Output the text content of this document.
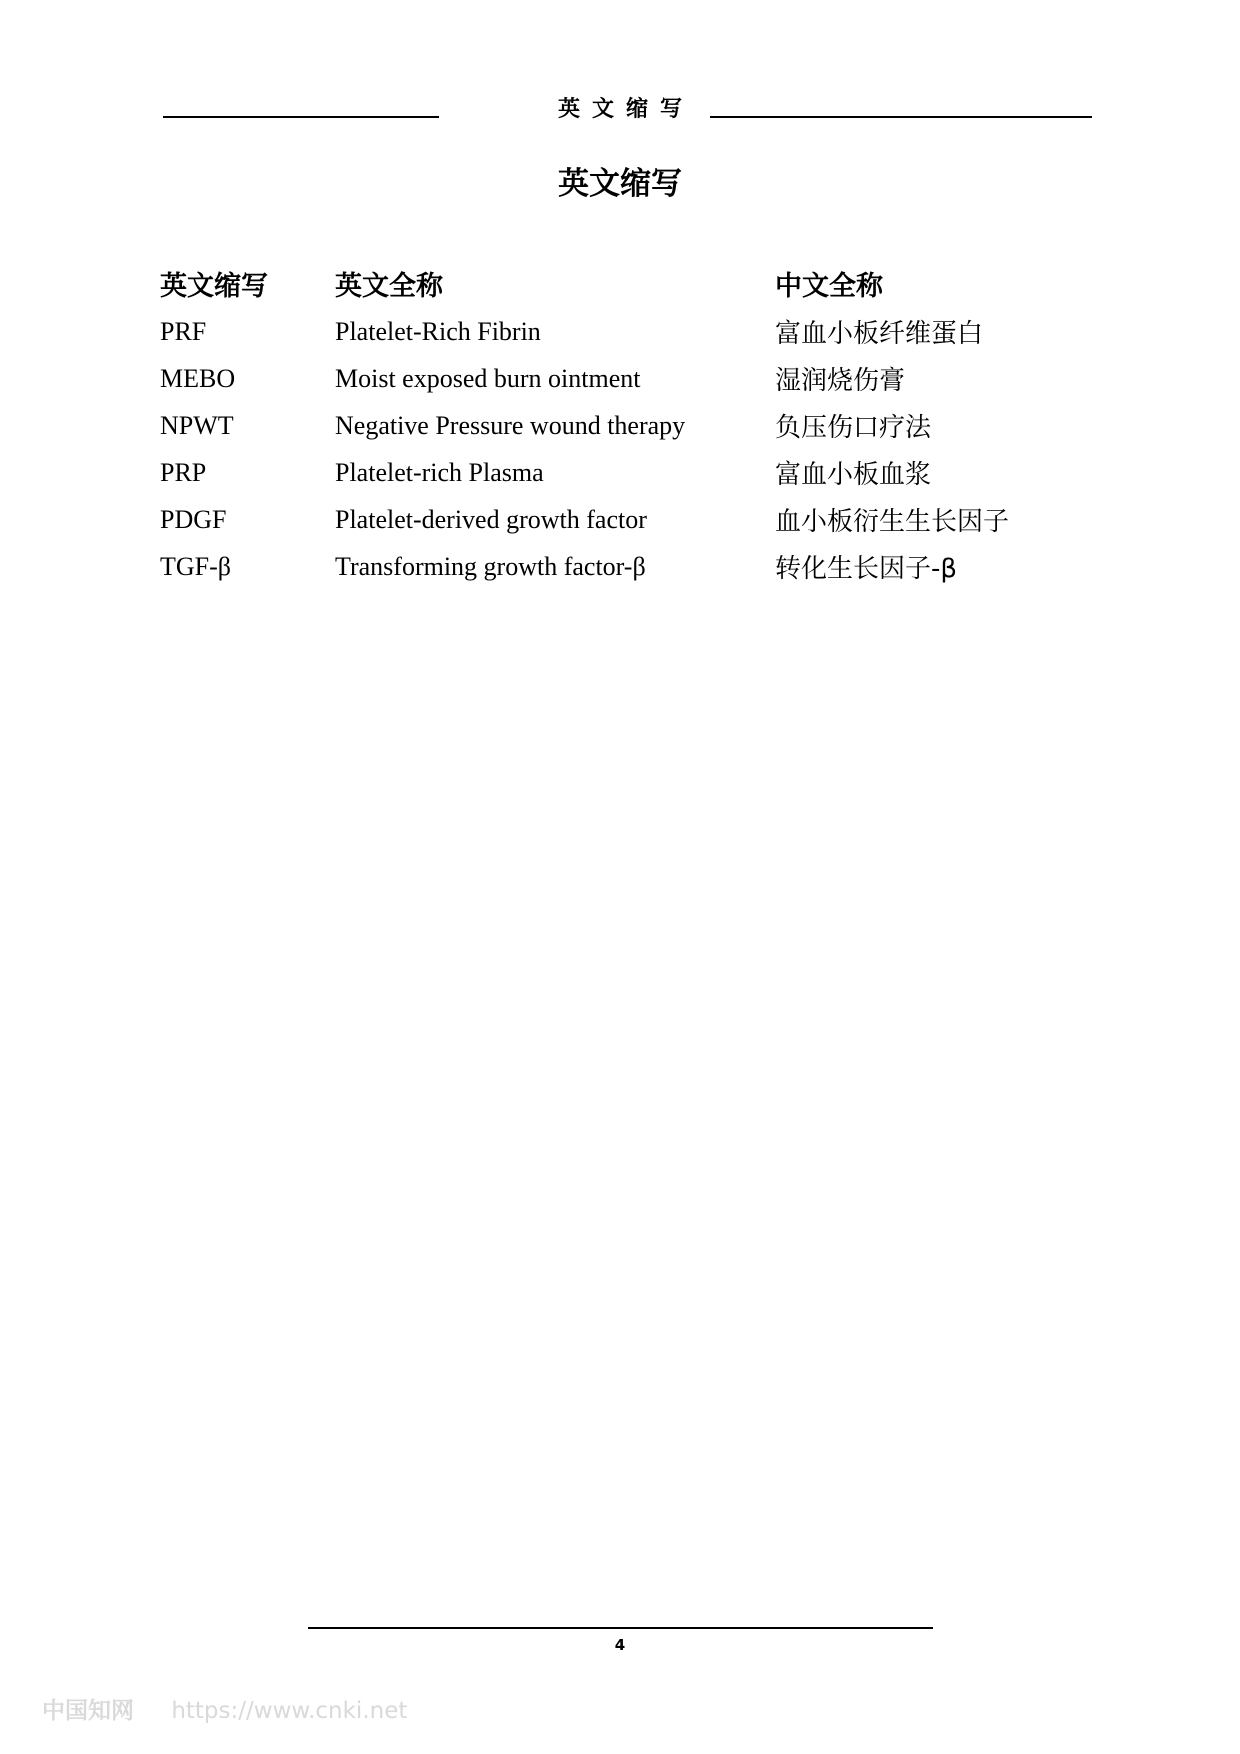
英文缩写
英文缩写
英文缩写	英文全称	中文全称
PRF	Platelet-Rich Fibrin	富血小板纤维蛋白
MEBO	Moist exposed burn ointment	湿润烧伤膏
NPWT	Negative Pressure wound therapy	负压伤口疗法
PRP	Platelet-rich Plasma	富血小板血浆
PDGF	Platelet-derived growth factor	血小板衍生生长因子
TGF-β	Transforming growth factor-β	转化生长因子-β
4
中国知网 https://www.cnki.net
